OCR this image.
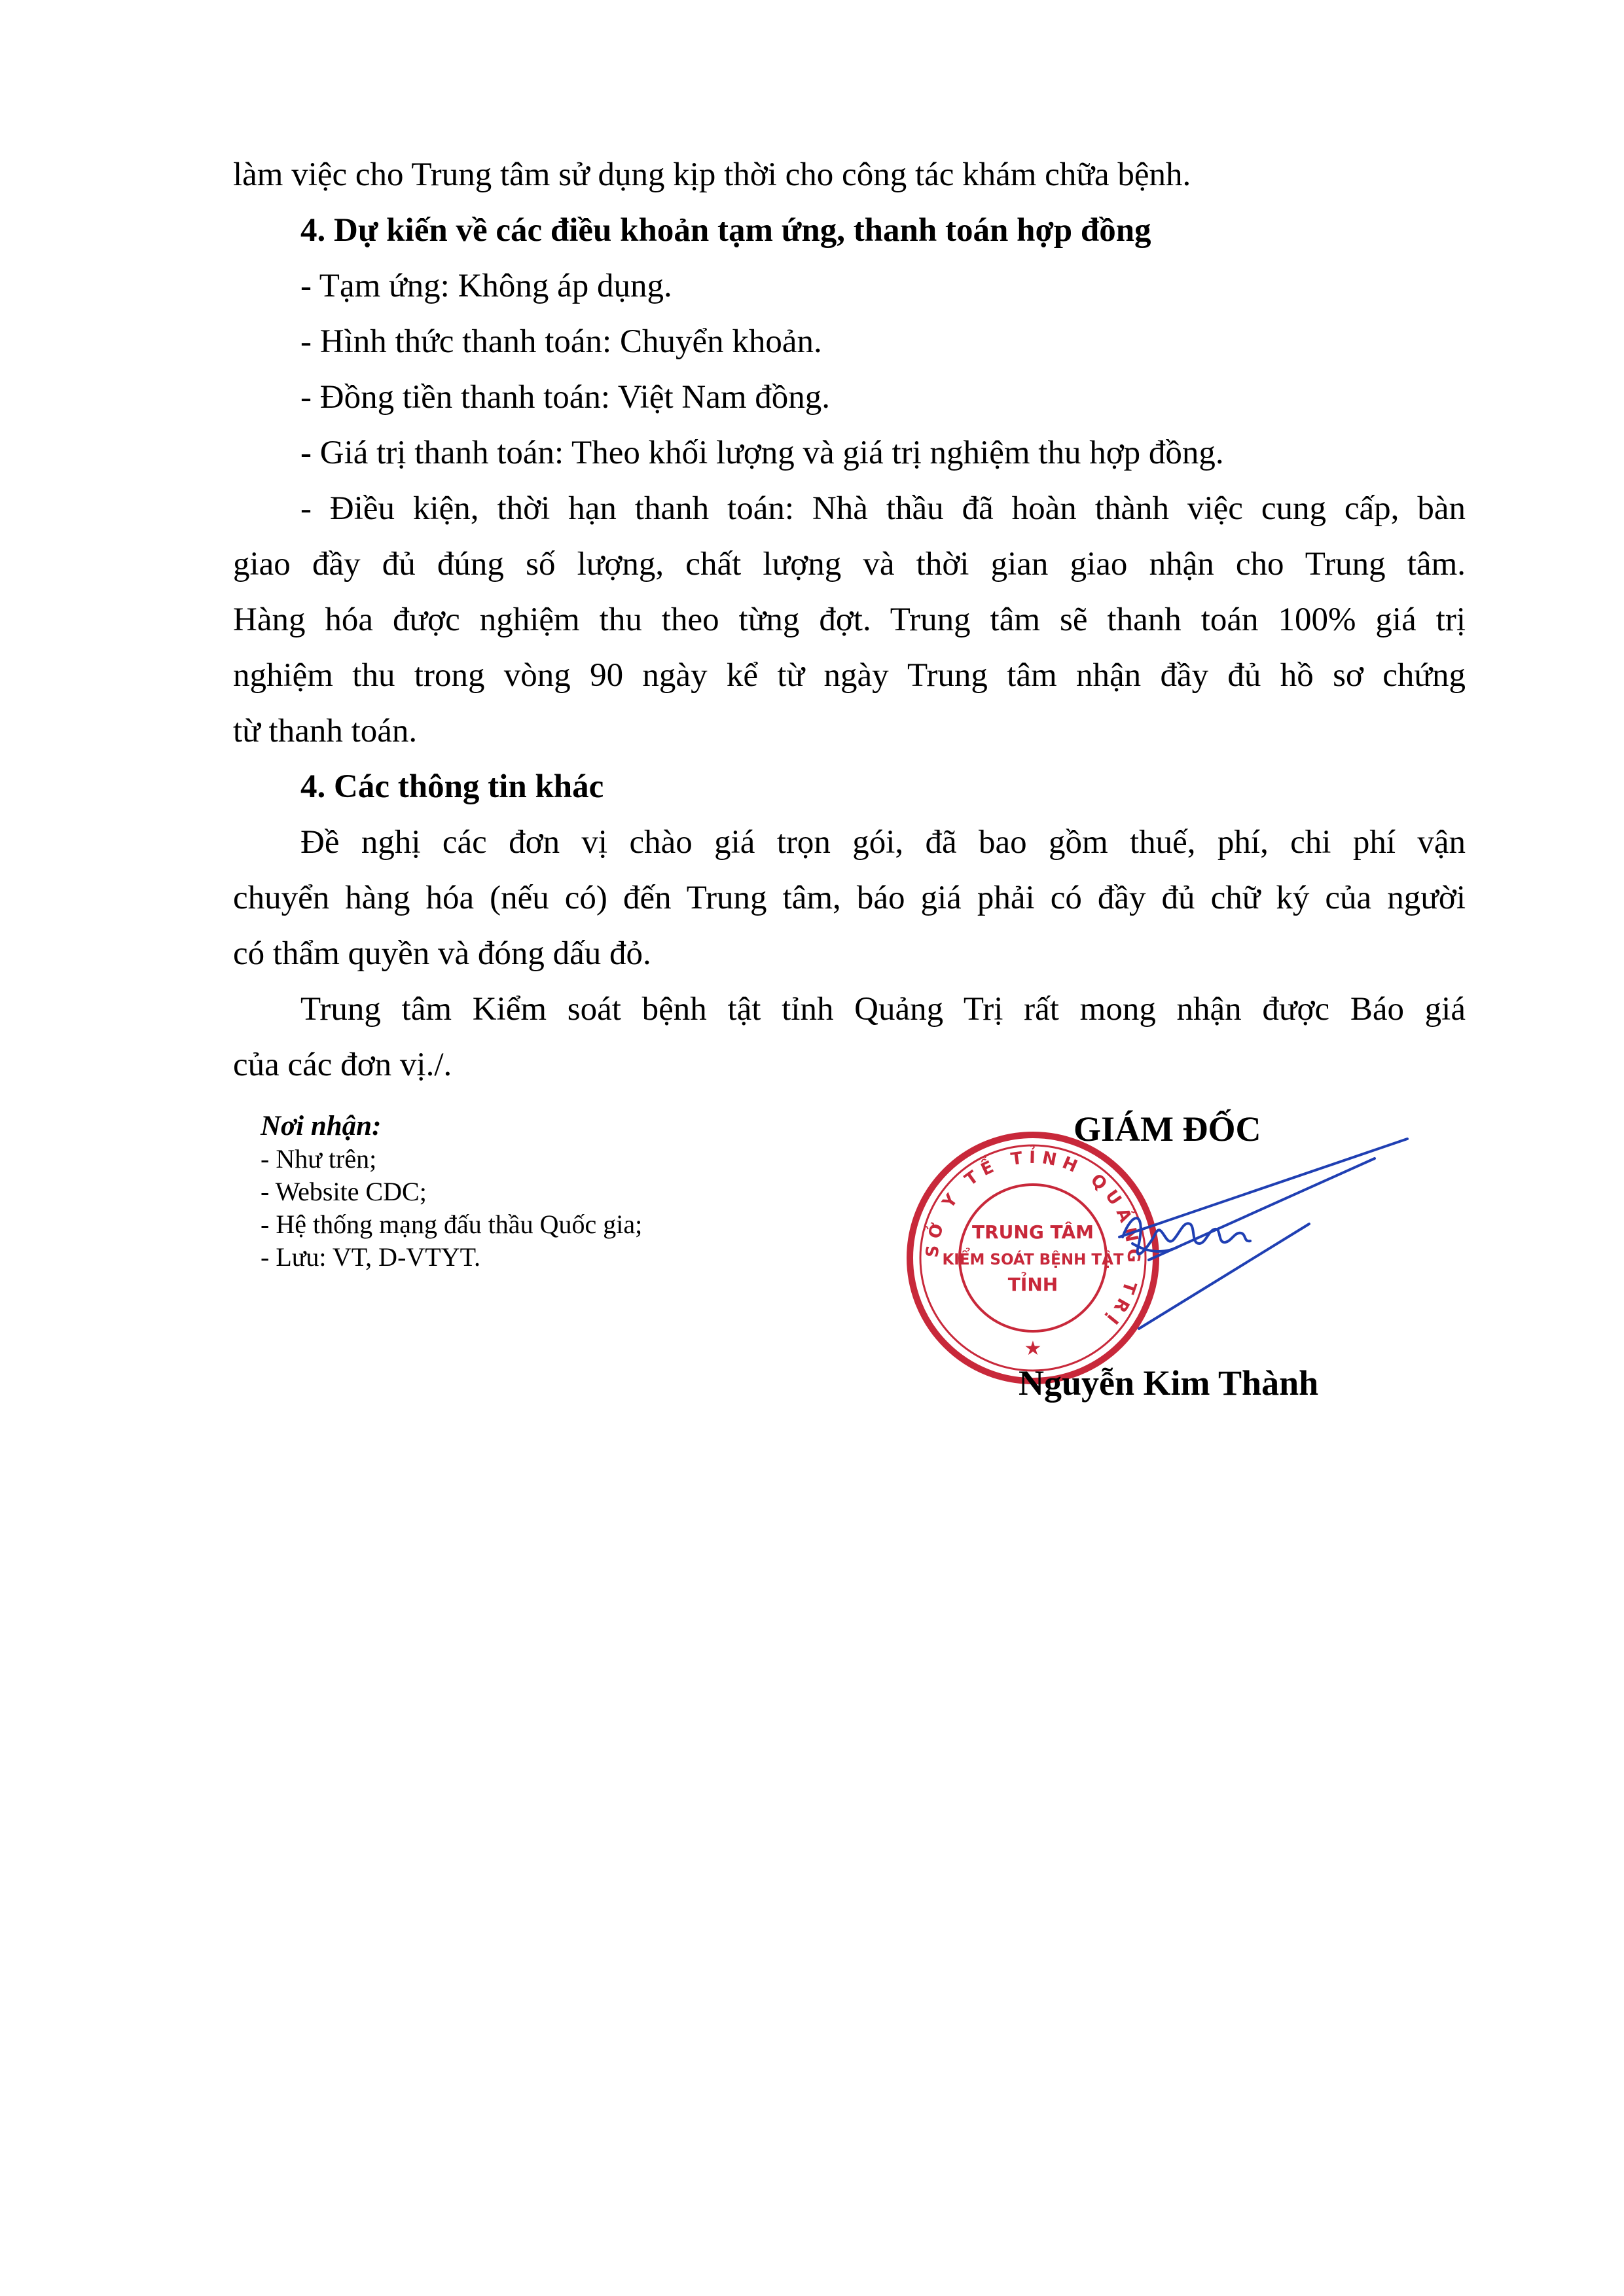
làm việc cho Trung tâm sử dụng kịp thời cho công tác khám chữa bệnh.
4. Dự kiến về các điều khoản tạm ứng, thanh toán hợp đồng
- Tạm ứng: Không áp dụng.
- Hình thức thanh toán: Chuyển khoản.
- Đồng tiền thanh toán: Việt Nam đồng.
- Giá trị thanh toán: Theo khối lượng và giá trị nghiệm thu hợp đồng.
- Điều kiện, thời hạn thanh toán: Nhà thầu đã hoàn thành việc cung cấp, bàn
giao đầy đủ đúng số lượng, chất lượng và thời gian giao nhận cho Trung tâm.
Hàng hóa được nghiệm thu theo từng đợt. Trung tâm sẽ thanh toán 100% giá trị
nghiệm thu trong vòng 90 ngày kể từ ngày Trung tâm nhận đầy đủ hồ sơ chứng
từ thanh toán.
4. Các thông tin khác
Đề nghị các đơn vị chào giá trọn gói, đã bao gồm thuế, phí, chi phí vận
chuyển hàng hóa (nếu có) đến Trung tâm, báo giá phải có đầy đủ chữ ký của người
có thẩm quyền và đóng dấu đỏ.
Trung tâm Kiểm soát bệnh tật tỉnh Quảng Trị rất mong nhận được Báo giá
của các đơn vị./.
Nơi nhận:
- Như trên;
- Website CDC;
- Hệ thống mạng đấu thầu Quốc gia;
- Lưu: VT, D-VTYT.	SỞ Y TẾ TỈNH QUẢNG TRỊ
TRUNG TÂM
KIỂM SOÁT BỆNH TẬT
TỈNH
★
GIÁM ĐỐC
Nguyễn Kim Thành
